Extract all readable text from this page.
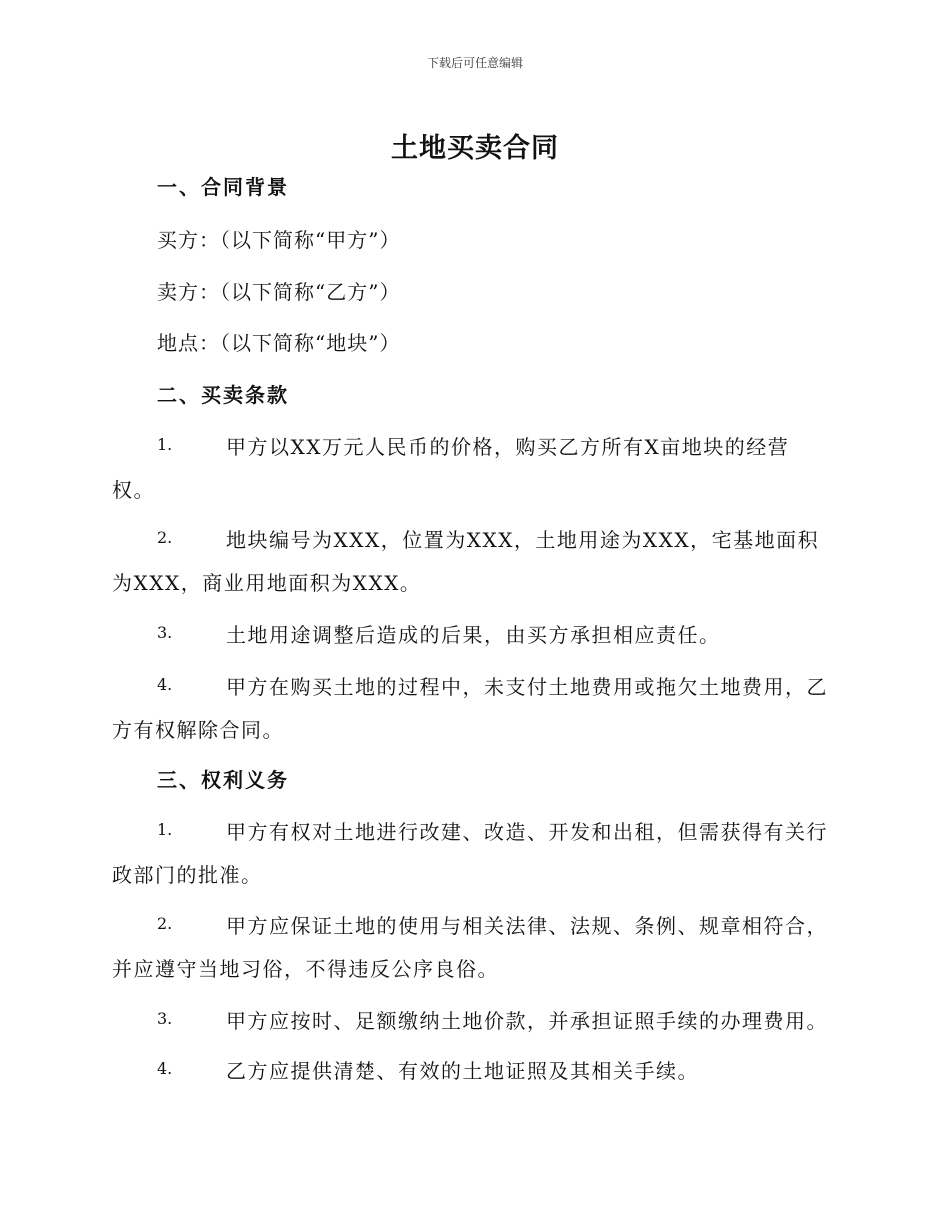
下载后可任意编辑
土地买卖合同
一、合同背景
买方：（以下简称“甲方”）
卖方：（以下简称“乙方”）
地点：（以下简称“地块”）
二、买卖条款
1.	甲方以XX万元人民币的价格，购买乙方所有X亩地块的经营
权。
2.	地块编号为XXX，位置为XXX，土地用途为XXX，宅基地面积
为XXX，商业用地面积为XXX。
3.	土地用途调整后造成的后果，由买方承担相应责任。
4.	甲方在购买土地的过程中，未支付土地费用或拖欠土地费用，乙
方有权解除合同。
三、权利义务
1.	甲方有权对土地进行改建、改造、开发和出租，但需获得有关行
政部门的批准。
2.	甲方应保证土地的使用与相关法律、法规、条例、规章相符合，
并应遵守当地习俗，不得违反公序良俗。
3.	甲方应按时、足额缴纳土地价款，并承担证照手续的办理费用。
4.	乙方应提供清楚、有效的土地证照及其相关手续。
